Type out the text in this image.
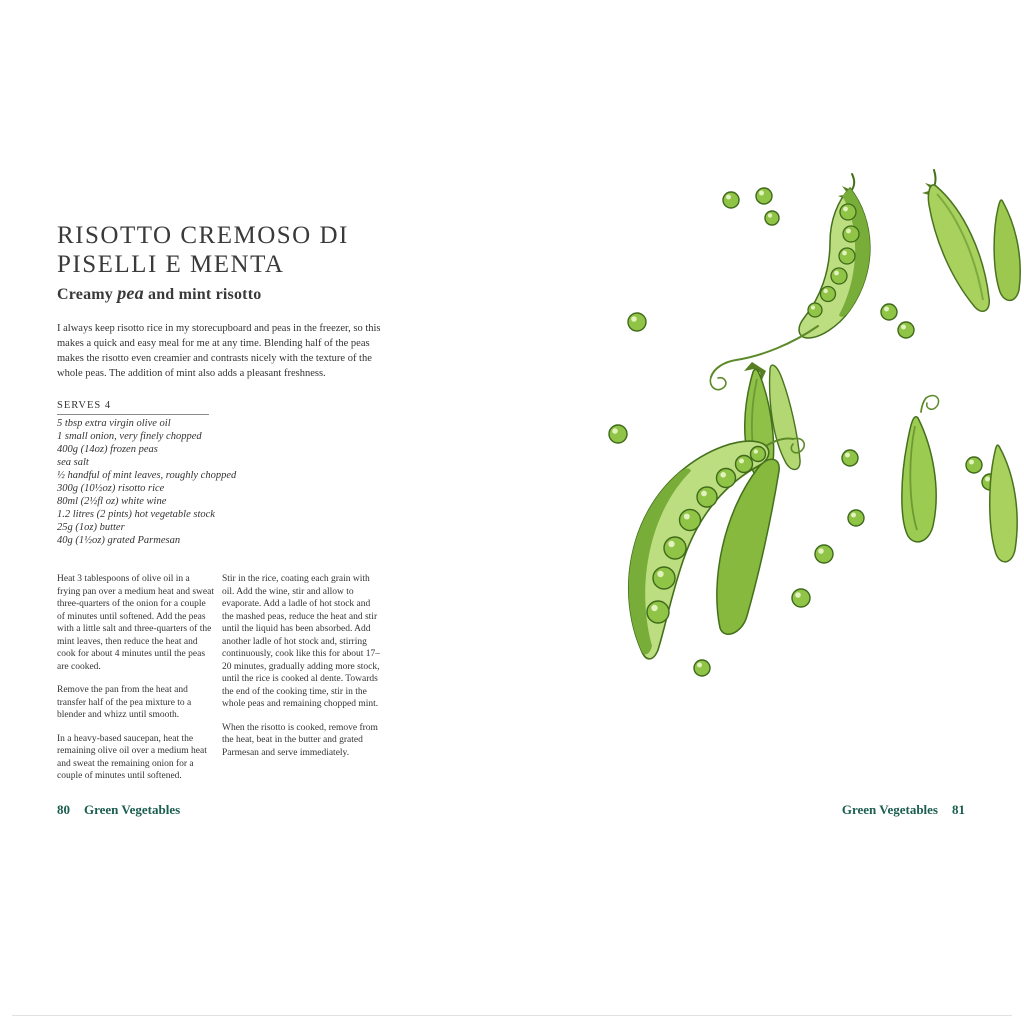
RISOTTO CREMOSO DI
PISELLI E MENTA
Creamy pea and mint risotto

I always keep risotto rice in my storecupboard and peas in the freezer, so this makes a quick and easy meal for me at any time. Blending half of the peas makes the risotto even creamier and contrasts nicely with the texture of the whole peas. The addition of mint also adds a pleasant freshness.

SERVES 4
5 tbsp extra virgin olive oil
1 small onion, very finely chopped
400g (14oz) frozen peas
sea salt
½ handful of mint leaves, roughly chopped
300g (10½oz) risotto rice
80ml (2½fl oz) white wine
1.2 litres (2 pints) hot vegetable stock
25g (1oz) butter
40g (1½oz) grated Parmesan

Heat 3 tablespoons of olive oil in a frying pan over a medium heat and sweat three-quarters of the onion for a couple of minutes until softened. Add the peas with a little salt and three-quarters of the mint leaves, then reduce the heat and cook for about 4 minutes until the peas are cooked.

Remove the pan from the heat and transfer half of the pea mixture to a blender and whizz until smooth.

In a heavy-based saucepan, heat the remaining olive oil over a medium heat and sweat the remaining onion for a couple of minutes until softened.

Stir in the rice, coating each grain with oil. Add the wine, stir and allow to evaporate. Add a ladle of hot stock and the mashed peas, reduce the heat and stir until the liquid has been absorbed. Add another ladle of hot stock and, stirring continuously, cook like this for about 17–20 minutes, gradually adding more stock, until the rice is cooked al dente. Towards the end of the cooking time, stir in the whole peas and remaining chopped mint.

When the risotto is cooked, remove from the heat, beat in the butter and grated Parmesan and serve immediately.

80 Green Vegetables	Green Vegetables 81
